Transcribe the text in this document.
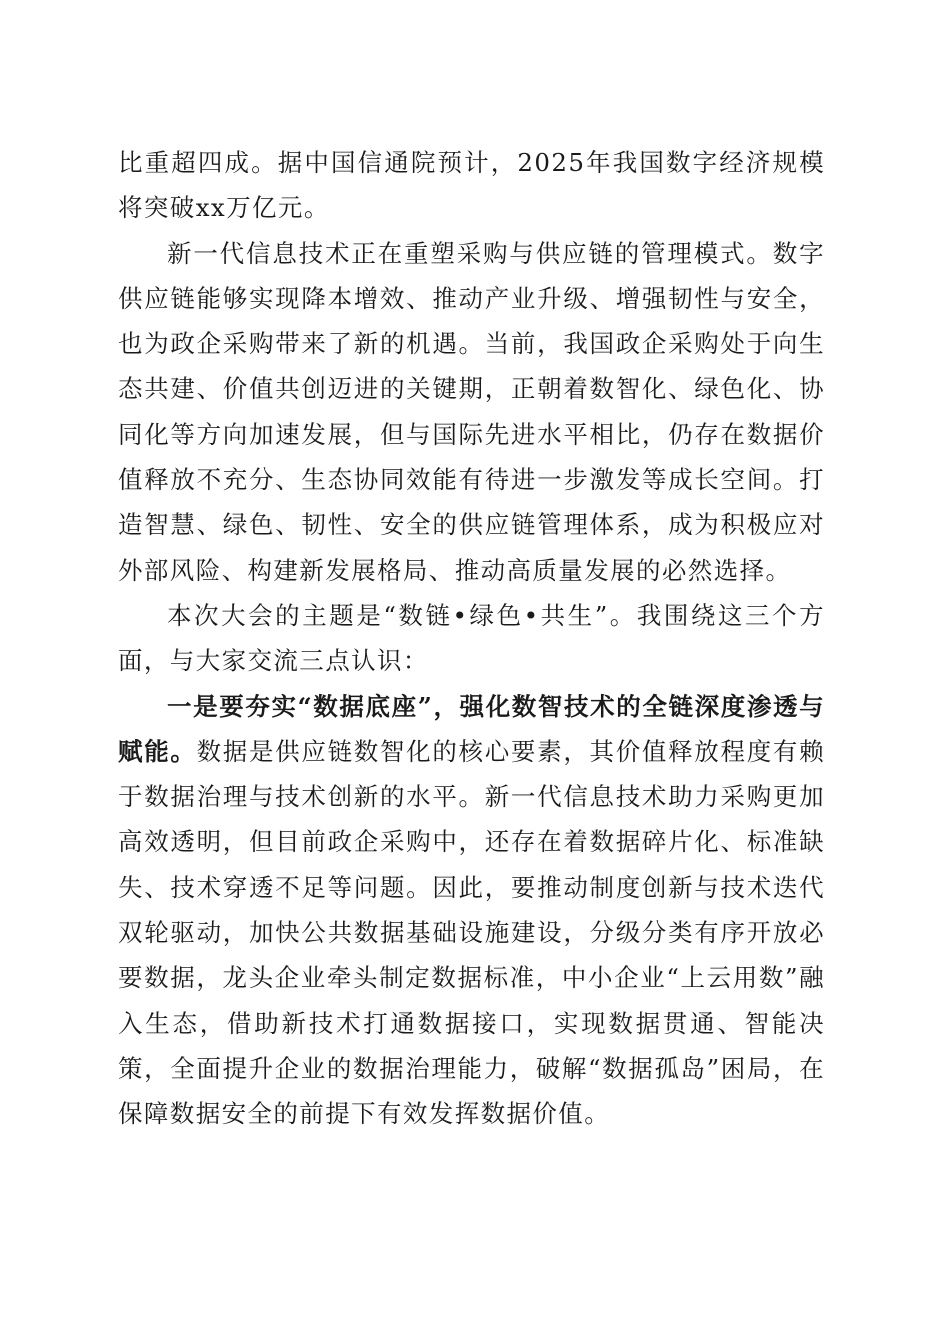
比重超四成。据中国信通院预计，2025年我国数字经济规模将突破xx万亿元。

新一代信息技术正在重塑采购与供应链的管理模式。数字供应链能够实现降本增效、推动产业升级、增强韧性与安全，也为政企采购带来了新的机遇。当前，我国政企采购处于向生态共建、价值共创迈进的关键期，正朝着数智化、绿色化、协同化等方向加速发展，但与国际先进水平相比，仍存在数据价值释放不充分、生态协同效能有待进一步激发等成长空间。打造智慧、绿色、韧性、安全的供应链管理体系，成为积极应对外部风险、构建新发展格局、推动高质量发展的必然选择。

本次大会的主题是“数链•绿色•共生”。我围绕这三个方面，与大家交流三点认识：

一是要夯实“数据底座”，强化数智技术的全链深度渗透与赋能。数据是供应链数智化的核心要素，其价值释放程度有赖于数据治理与技术创新的水平。新一代信息技术助力采购更加高效透明，但目前政企采购中，还存在着数据碎片化、标准缺失、技术穿透不足等问题。因此，要推动制度创新与技术迭代双轮驱动，加快公共数据基础设施建设，分级分类有序开放必要数据，龙头企业牵头制定数据标准，中小企业“上云用数”融入生态，借助新技术打通数据接口，实现数据贯通、智能决策，全面提升企业的数据治理能力，破解“数据孤岛”困局，在保障数据安全的前提下有效发挥数据价值。
